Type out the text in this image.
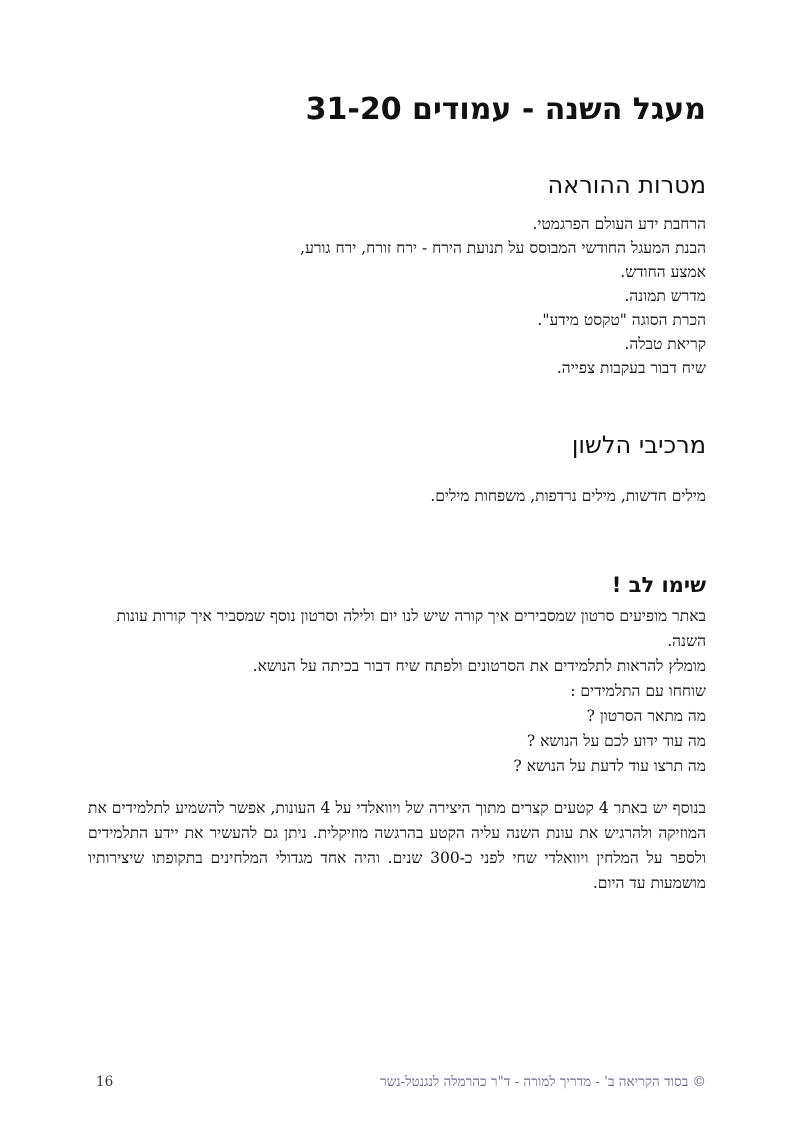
מעגל השנה - עמודים 31-20
מטרות ההוראה
הרחבת ידע העולם הפרגמטי.
הבנת המעגל החודשי המבוסס על תנועת הירח - ירח זורח, ירח גורע,
אמצע החודש.
מדרש תמונה.
הכרת הסוגה "טקסט מידע".
קריאת טבלה.
שיח דבור בעקבות צפייה.
מרכיבי הלשון

מילים חדשות, מילים נרדפות, משפחות מילים.

שימו לב !

באתר מופיעים סרטון שמסבירים איך קורה שיש לנו יום ולילה וסרטון נוסף שמסביר איך קורות עונות השנה.

מומלץ להראות לתלמידים את הסרטונים ולפתח שיח דבור בכיתה על הנושא.

שוחחו עם התלמידים :

מה מתאר הסרטון ?
מה עוד ידוע לכם על הנושא ?
מה תרצו עוד לדעת על הנושא ?

בנוסף יש באתר 4 קטעים קצרים מתוך היצירה של ויוואלדי על 4 העונות, אפשר להשמיע לתלמידים את המוזיקה ולהרגיש את עונת השנה עליה הקטע בהרגשה מוזיקלית. ניתן גם להעשיר את יידע התלמידים ולספר על המלחין ויוואלדי שחי לפני כ-300 שנים. והיה אחד מגדולי המלחינים בתקופתו שיצירותיו מושמעות עד היום.

© בסוד הקריאה ב' - מדריך למורה - ד"ר כהרמלה לנגנטל-נשר
16
